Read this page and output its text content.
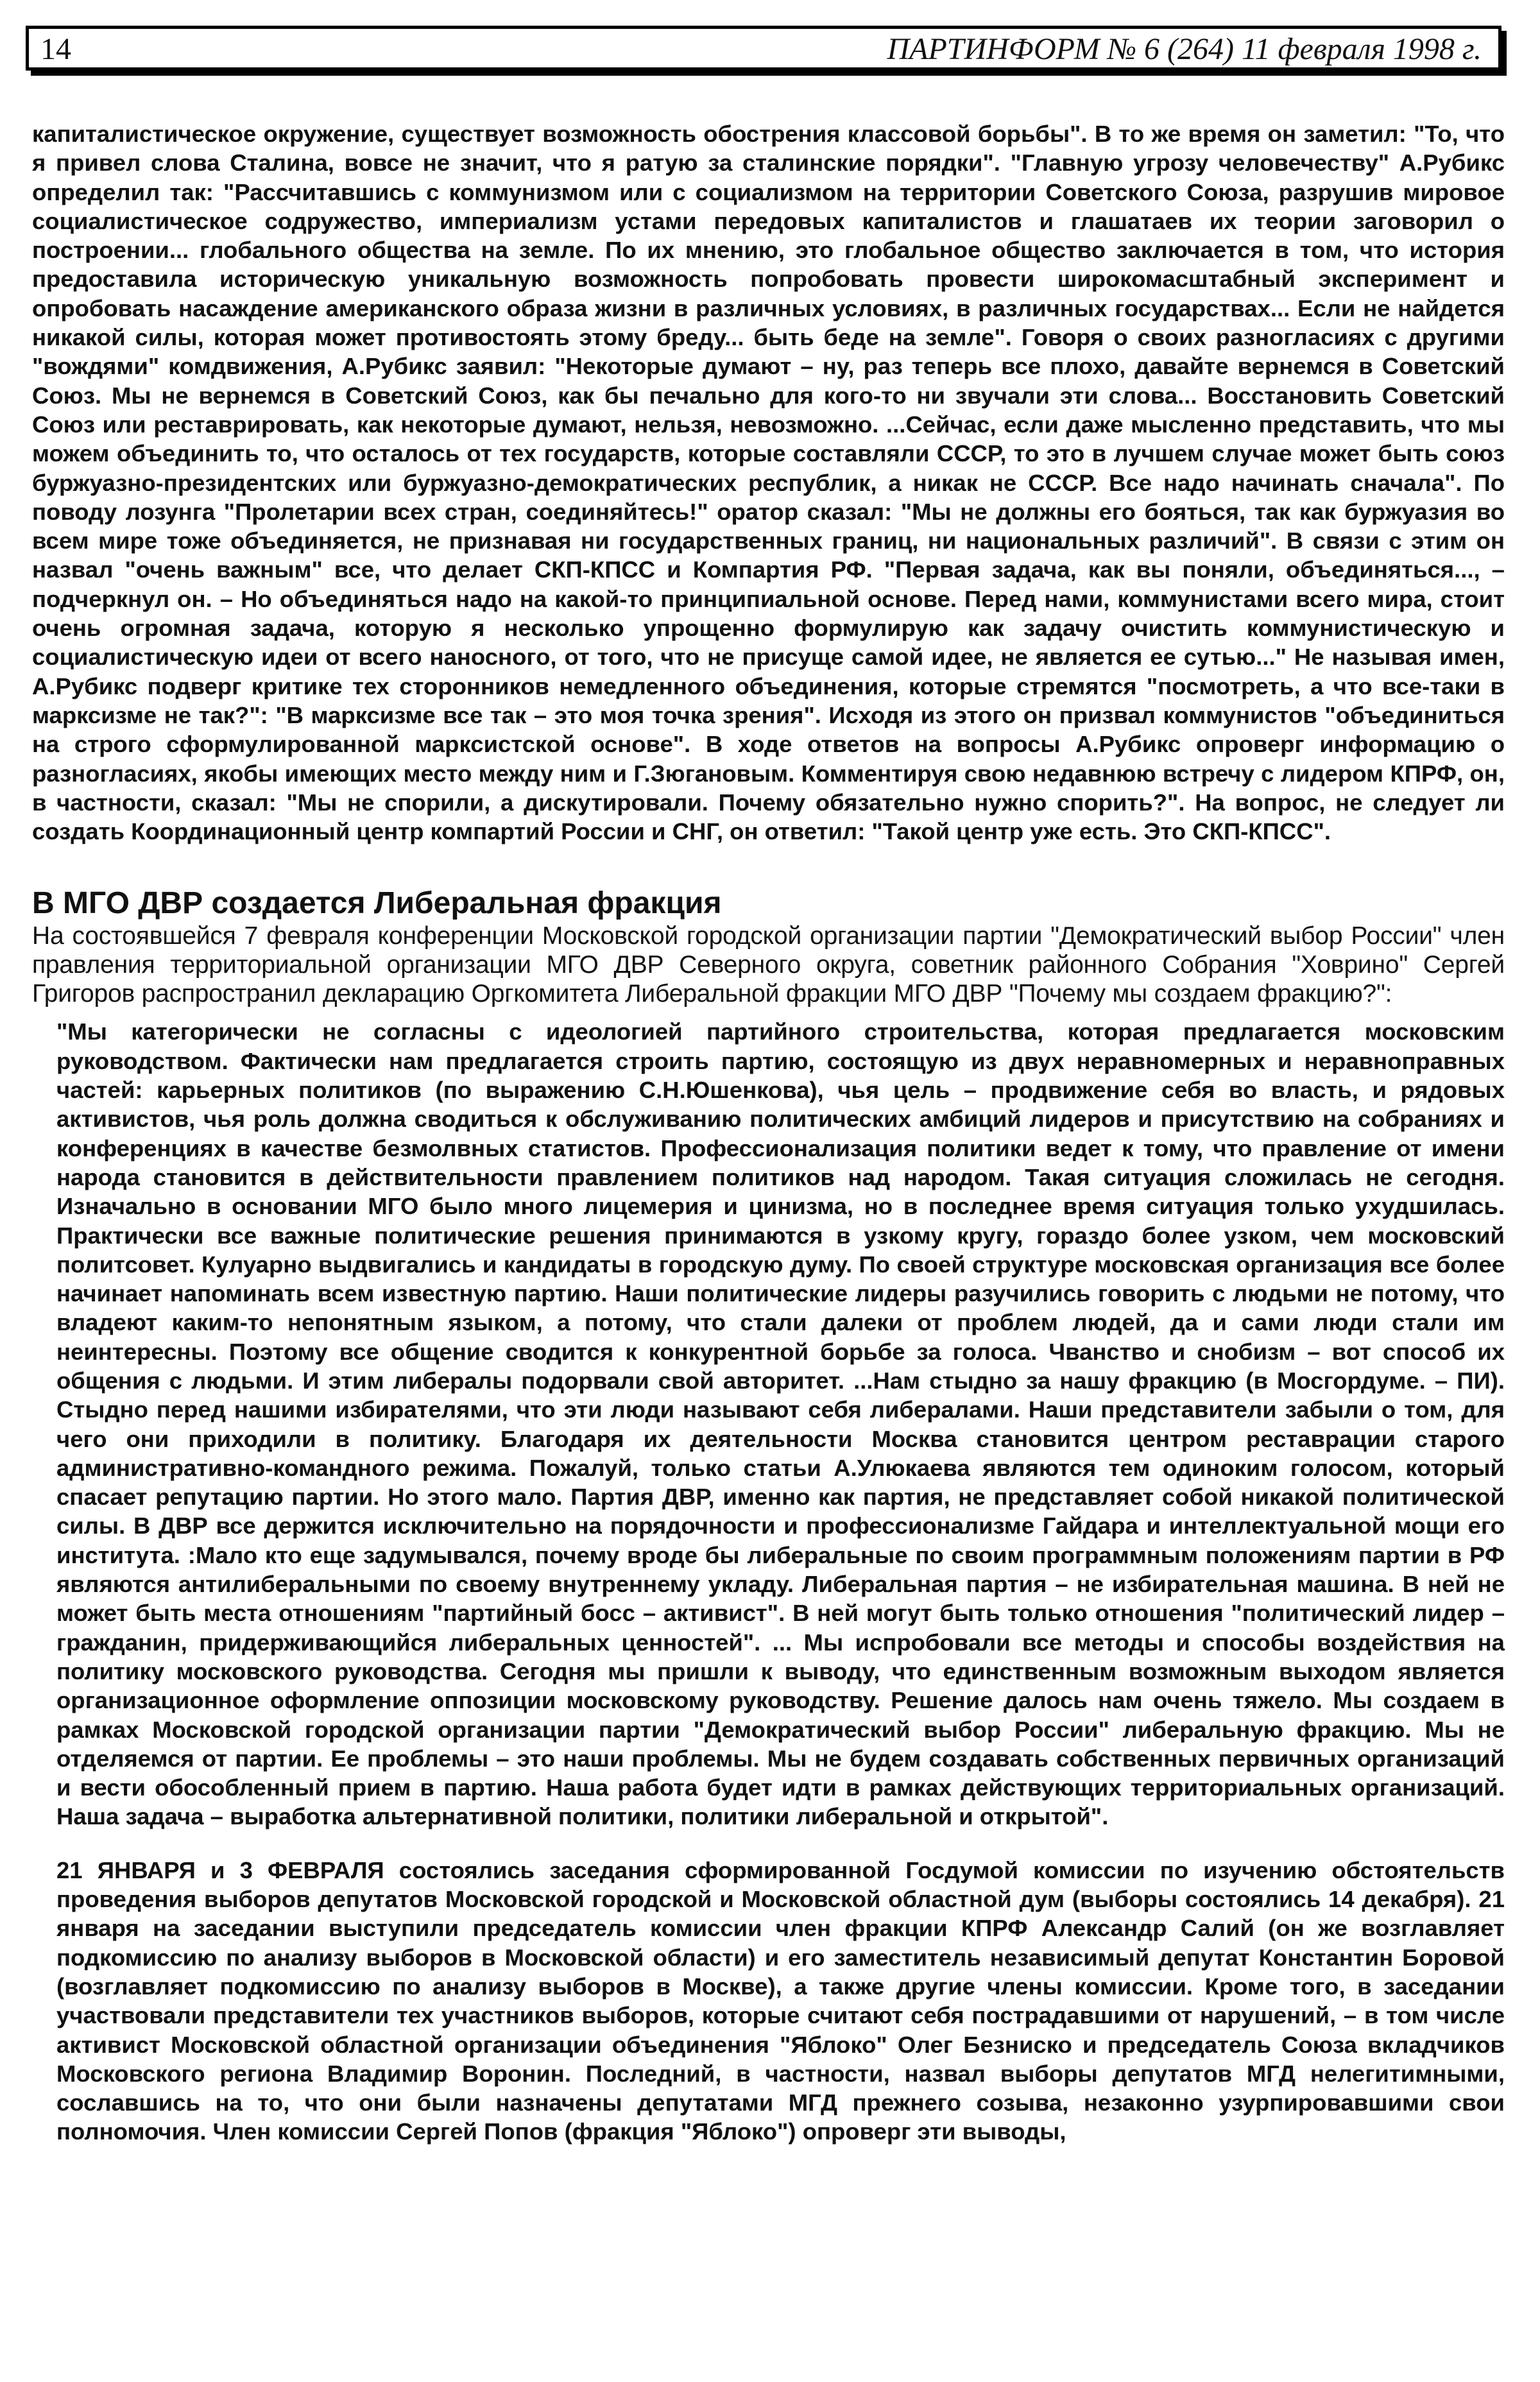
14	ПАРТИНФОРМ № 6 (264) 11 февраля 1998 г.

капиталистическое окружение, существует возможность обострения классовой борьбы". В то же время он заметил: "То, что я привел слова Сталина, вовсе не значит, что я ратую за сталинские порядки". "Главную угрозу человечеству" А.Рубикс определил так: "Рассчитавшись с коммунизмом или с социализмом на территории Советского Союза, разрушив мировое социалистическое содружество, империализм устами передовых капиталистов и глашатаев их теории заговорил о построении... глобального общества на земле. По их мнению, это глобальное общество заключается в том, что история предоставила историческую уникальную возможность попробовать провести широкомасштабный эксперимент и опробовать насаждение американского образа жизни в различных условиях, в различных государствах... Если не найдется никакой силы, которая может противостоять этому бреду... быть беде на земле". Говоря о своих разногласиях с другими "вождями" комдвижения, А.Рубикс заявил: "Некоторые думают – ну, раз теперь все плохо, давайте вернемся в Советский Союз. Мы не вернемся в Советский Союз, как бы печально для кого-то ни звучали эти слова... Восстановить Советский Союз или реставрировать, как некоторые думают, нельзя, невозможно. ...Сейчас, если даже мысленно представить, что мы можем объединить то, что осталось от тех государств, которые составляли СССР, то это в лучшем случае может быть союз буржуазно-президентских или буржуазно-демократических республик, а никак не СССР. Все надо начинать сначала". По поводу лозунга "Пролетарии всех стран, соединяйтесь!" оратор сказал: "Мы не должны его бояться, так как буржуазия во всем мире тоже объединяется, не признавая ни государственных границ, ни национальных различий". В связи с этим он назвал "очень важным" все, что делает СКП-КПСС и Компартия РФ. "Первая задача, как вы поняли, объединяться..., – подчеркнул он. – Но объединяться надо на какой-то принципиальной основе. Перед нами, коммунистами всего мира, стоит очень огромная задача, которую я несколько упрощенно формулирую как задачу очистить коммунистическую и социалистическую идеи от всего наносного, от того, что не присуще самой идее, не является ее сутью..." Не называя имен, А.Рубикс подверг критике тех сторонников немедленного объединения, которые стремятся "посмотреть, а что все-таки в марксизме не так?": "В марксизме все так – это моя точка зрения". Исходя из этого он призвал коммунистов "объединиться на строго сформулированной марксистской основе". В ходе ответов на вопросы А.Рубикс опроверг информацию о разногласиях, якобы имеющих место между ним и Г.Зюгановым. Комментируя свою недавнюю встречу с лидером КПРФ, он, в частности, сказал: "Мы не спорили, а дискутировали. Почему обязательно нужно спорить?". На вопрос, не следует ли создать Координационный центр компартий России и СНГ, он ответил: "Такой центр уже есть. Это СКП-КПСС".

В МГО ДВР создается Либеральная фракция

На состоявшейся 7 февраля конференции Московской городской организации партии "Демократический выбор России" член правления территориальной организации МГО ДВР Северного округа, советник районного Собрания "Ховрино" Сергей Григоров распространил декларацию Оргкомитета Либеральной фракции МГО ДВР "Почему мы создаем фракцию?":

"Мы категорически не согласны с идеологией партийного строительства, которая предлагается московским руководством. Фактически нам предлагается строить партию, состоящую из двух неравномерных и неравноправных частей: карьерных политиков (по выражению С.Н.Юшенкова), чья цель – продвижение себя во власть, и рядовых активистов, чья роль должна сводиться к обслуживанию политических амбиций лидеров и присутствию на собраниях и конференциях в качестве безмолвных статистов. Профессионализация политики ведет к тому, что правление от имени народа становится в действительности правлением политиков над народом. Такая ситуация сложилась не сегодня. Изначально в основании МГО было много лицемерия и цинизма, но в последнее время ситуация только ухудшилась. Практически все важные политические решения принимаются в узкому кругу, гораздо более узком, чем московский политсовет. Кулуарно выдвигались и кандидаты в городскую думу. По своей структуре московская организация все более начинает напоминать всем известную партию. Наши политические лидеры разучились говорить с людьми не потому, что владеют каким-то непонятным языком, а потому, что стали далеки от проблем людей, да и сами люди стали им неинтересны. Поэтому все общение сводится к конкурентной борьбе за голоса. Чванство и снобизм – вот способ их общения с людьми. И этим либералы подорвали свой авторитет. ...Нам стыдно за нашу фракцию (в Мосгордуме. – ПИ). Стыдно перед нашими избирателями, что эти люди называют себя либералами. Наши представители забыли о том, для чего они приходили в политику. Благодаря их деятельности Москва становится центром реставрации старого административно-командного режима. Пожалуй, только статьи А.Улюкаева являются тем одиноким голосом, который спасает репутацию партии. Но этого мало. Партия ДВР, именно как партия, не представляет собой никакой политической силы. В ДВР все держится исключительно на порядочности и профессионализме Гайдара и интеллектуальной мощи его института. :Мало кто еще задумывался, почему вроде бы либеральные по своим программным положениям партии в РФ являются антилиберальными по своему внутреннему укладу. Либеральная партия – не избирательная машина. В ней не может быть места отношениям "партийный босс – активист". В ней могут быть только отношения "политический лидер – гражданин, придерживающийся либеральных ценностей". ... Мы испробовали все методы и способы воздействия на политику московского руководства. Сегодня мы пришли к выводу, что единственным возможным выходом является организационное оформление оппозиции московскому руководству. Решение далось нам очень тяжело. Мы создаем в рамках Московской городской организации партии "Демократический выбор России" либеральную фракцию. Мы не отделяемся от партии. Ее проблемы – это наши проблемы. Мы не будем создавать собственных первичных организаций и вести обособленный прием в партию. Наша работа будет идти в рамках действующих территориальных организаций. Наша задача – выработка альтернативной политики, политики либеральной и открытой".

21 ЯНВАРЯ и 3 ФЕВРАЛЯ состоялись заседания сформированной Госдумой комиссии по изучению обстоятельств проведения выборов депутатов Московской городской и Московской областной дум (выборы состоялись 14 декабря). 21 января на заседании выступили председатель комиссии член фракции КПРФ Александр Салий (он же возглавляет подкомиссию по анализу выборов в Московской области) и его заместитель независимый депутат Константин Боровой (возглавляет подкомиссию по анализу выборов в Москве), а также другие члены комиссии. Кроме того, в заседании участвовали представители тех участников выборов, которые считают себя пострадавшими от нарушений, – в том числе активист Московской областной организации объединения "Яблоко" Олег Безниско и председатель Союза вкладчиков Московского региона Владимир Воронин. Последний, в частности, назвал выборы депутатов МГД нелегитимными, сославшись на то, что они были назначены депутатами МГД прежнего созыва, незаконно узурпировавшими свои полномочия. Член комиссии Сергей Попов (фракция "Яблоко") опроверг эти выводы,
